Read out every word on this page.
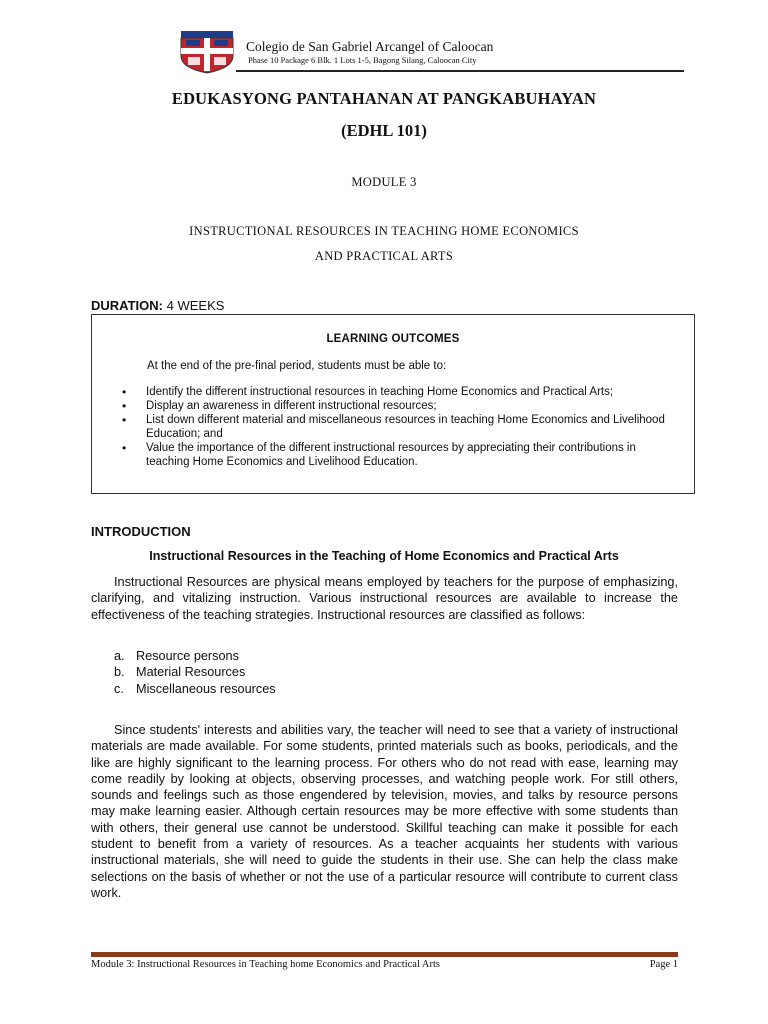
Colegio de San Gabriel Arcangel of Caloocan
Phase 10 Package 6 Blk. 1 Lots 1-5, Bagong Silang, Caloocan City
EDUKASYONG PANTAHANAN AT PANGKABUHAYAN
(EDHL 101)
MODULE 3
INSTRUCTIONAL RESOURCES IN TEACHING HOME ECONOMICS
AND PRACTICAL ARTS
DURATION: 4 WEEKS
LEARNING OUTCOMES
At the end of the pre-final period, students must be able to:
• Identify the different instructional resources in teaching Home Economics and Practical Arts;
• Display an awareness in different instructional resources;
• List down different material and miscellaneous resources in teaching Home Economics and Livelihood Education; and
• Value the importance of the different instructional resources by appreciating their contributions in teaching Home Economics and Livelihood Education.
INTRODUCTION
Instructional Resources in the Teaching of Home Economics and Practical Arts
Instructional Resources are physical means employed by teachers for the purpose of emphasizing, clarifying, and vitalizing instruction. Various instructional resources are available to increase the effectiveness of the teaching strategies. Instructional resources are classified as follows:
a. Resource persons
b. Material Resources
c. Miscellaneous resources
Since students' interests and abilities vary, the teacher will need to see that a variety of instructional materials are made available. For some students, printed materials such as books, periodicals, and the like are highly significant to the learning process. For others who do not read with ease, learning may come readily by looking at objects, observing processes, and watching people work. For still others, sounds and feelings such as those engendered by television, movies, and talks by resource persons may make learning easier. Although certain resources may be more effective with some students than with others, their general use cannot be understood. Skillful teaching can make it possible for each student to benefit from a variety of resources. As a teacher acquaints her students with various instructional materials, she will need to guide the students in their use. She can help the class make selections on the basis of whether or not the use of a particular resource will contribute to current class work.
Module 3: Instructional Resources in Teaching home Economics and Practical Arts	Page 1
